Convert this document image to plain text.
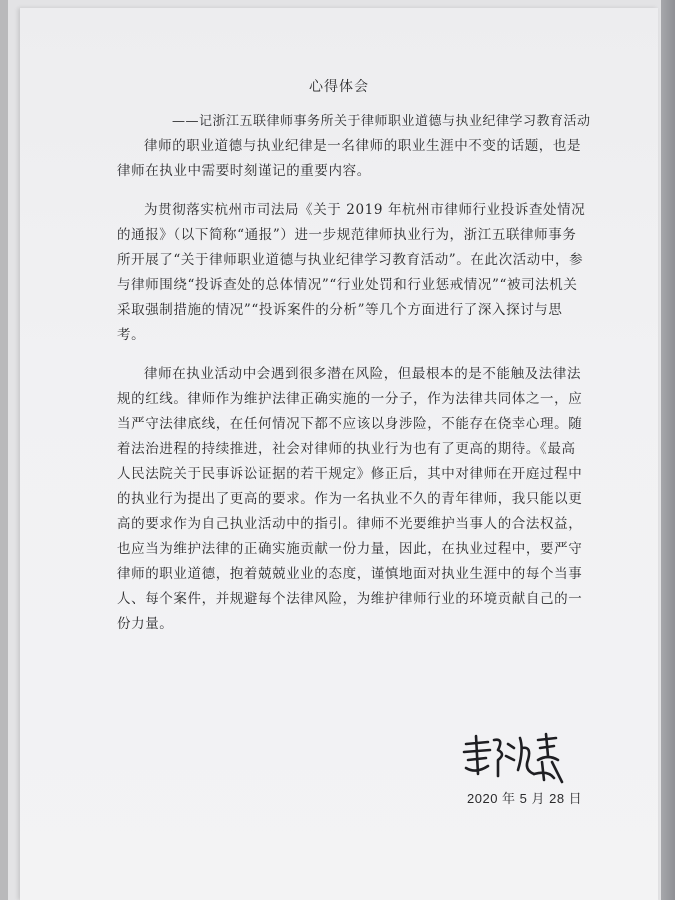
心得体会
——记浙江五联律师事务所关于律师职业道德与执业纪律学习教育活动

律师的职业道德与执业纪律是一名律师的职业生涯中不变的话题，也是律师在执业中需要时刻谨记的重要内容。

为贯彻落实杭州市司法局《关于 2019 年杭州市律师行业投诉查处情况的通报》（以下简称“通报”）进一步规范律师执业行为，浙江五联律师事务所开展了“关于律师职业道德与执业纪律学习教育活动”。在此次活动中，参与律师围绕“投诉查处的总体情况”“行业处罚和行业惩戒情况”“被司法机关采取强制措施的情况”“投诉案件的分析”等几个方面进行了深入探讨与思考。

律师在执业活动中会遇到很多潜在风险，但最根本的是不能触及法律法规的红线。律师作为维护法律正确实施的一分子，作为法律共同体之一，应当严守法律底线，在任何情况下都不应该以身涉险，不能存在侥幸心理。随着法治进程的持续推进，社会对律师的执业行为也有了更高的期待。《最高人民法院关于民事诉讼证据的若干规定》修正后，其中对律师在开庭过程中的执业行为提出了更高的要求。作为一名执业不久的青年律师，我只能以更高的要求作为自己执业活动中的指引。律师不光要维护当事人的合法权益，也应当为维护法律的正确实施贡献一份力量，因此，在执业过程中，要严守律师的职业道德，抱着兢兢业业的态度，谨慎地面对执业生涯中的每个当事人、每个案件，并规避每个法律风险，为维护律师行业的环境贡献自己的一份力量。

2020 年 5 月 28 日
